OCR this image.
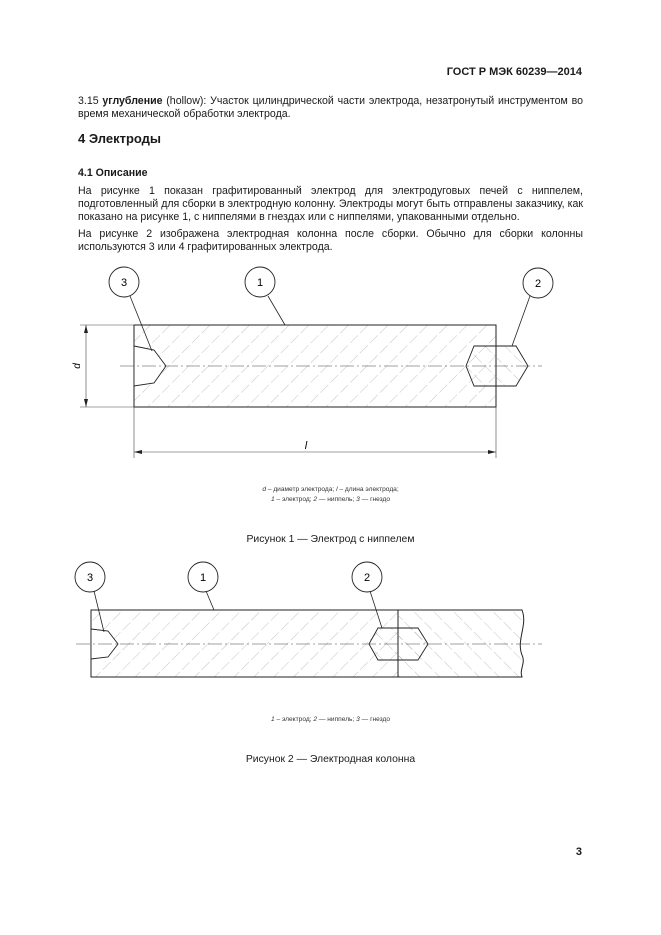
ГОСТ Р МЭК 60239—2014
3.15 углубление (hollow): Участок цилиндрической части электрода, незатронутый инструментом во время механической обработки электрода.
4 Электроды
4.1 Описание
На рисунке 1 показан графитированный электрод для электродуговых печей с ниппелем, подготовленный для сборки в электродную колонну. Электроды могут быть отправлены заказчику, как показано на рисунке 1, с ниппелями в гнездах или с ниппелями, упакованными отдельно.
На рисунке 2 изображена электродная колонна после сборки. Обычно для сборки колонны используются 3 или 4 графитированных электрода.
d
l
3	1	2
d – диаметр электрода; l – длина электрода;
1 – электрод; 2 — ниппель; 3 — гнездо
Рисунок 1 — Электрод с ниппелем
3	1	2
1 – электрод; 2 — ниппель; 3 — гнездо
Рисунок 2 — Электродная колонна
3
